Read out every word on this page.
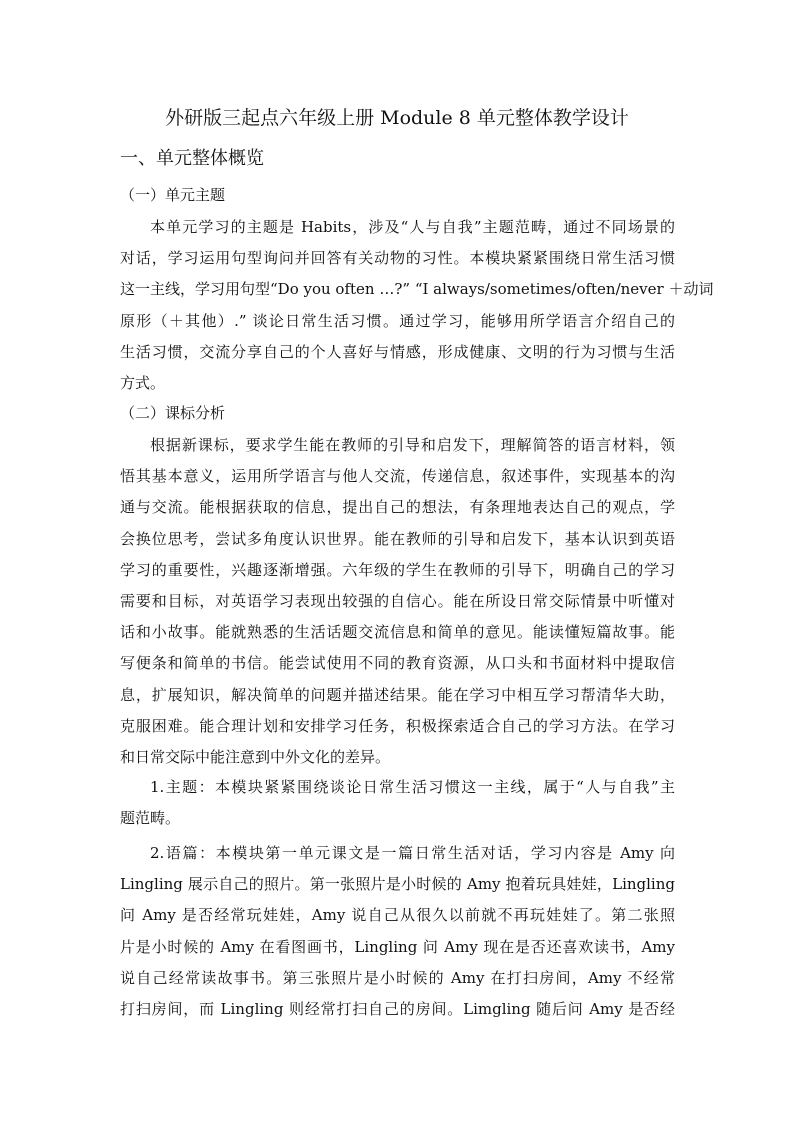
外研版三起点六年级上册 Module 8 单元整体教学设计
一、单元整体概览
（一）单元主题
本单元学习的主题是 Habits，涉及“人与自我”主题范畴，通过不同场景的
对话，学习运用句型询问并回答有关动物的习性。本模块紧紧围绕日常生活习惯
这一主线，学习用句型“Do you often …?” “I always/sometimes/often/never ＋动词
原形（＋其他）.” 谈论日常生活习惯。通过学习，能够用所学语言介绍自己的
生活习惯，交流分享自己的个人喜好与情感，形成健康、文明的行为习惯与生活
方式。
（二）课标分析
根据新课标，要求学生能在教师的引导和启发下，理解简答的语言材料，领
悟其基本意义，运用所学语言与他人交流，传递信息，叙述事件，实现基本的沟
通与交流。能根据获取的信息，提出自己的想法，有条理地表达自己的观点，学
会换位思考，尝试多角度认识世界。能在教师的引导和启发下，基本认识到英语
学习的重要性，兴趣逐渐增强。六年级的学生在教师的引导下，明确自己的学习
需要和目标，对英语学习表现出较强的自信心。能在所设日常交际情景中听懂对
话和小故事。能就熟悉的生活话题交流信息和简单的意见。能读懂短篇故事。能
写便条和简单的书信。能尝试使用不同的教育资源，从口头和书面材料中提取信
息，扩展知识，解决简单的问题并描述结果。能在学习中相互学习帮清华大助，
克服困难。能合理计划和安排学习任务，积极探索适合自己的学习方法。在学习
和日常交际中能注意到中外文化的差异。
1.主题：本模块紧紧围绕谈论日常生活习惯这一主线，属于“人与自我”主
题范畴。
2.语篇：本模块第一单元课文是一篇日常生活对话，学习内容是 Amy 向
Lingling 展示自己的照片。第一张照片是小时候的 Amy 抱着玩具娃娃，Lingling
问 Amy 是否经常玩娃娃，Amy 说自己从很久以前就不再玩娃娃了。第二张照
片是小时候的 Amy 在看图画书，Lingling 问 Amy 现在是否还喜欢读书，Amy
说自己经常读故事书。第三张照片是小时候的 Amy 在打扫房间，Amy 不经常
打扫房间，而 Lingling 则经常打扫自己的房间。Limgling 随后问 Amy 是否经
